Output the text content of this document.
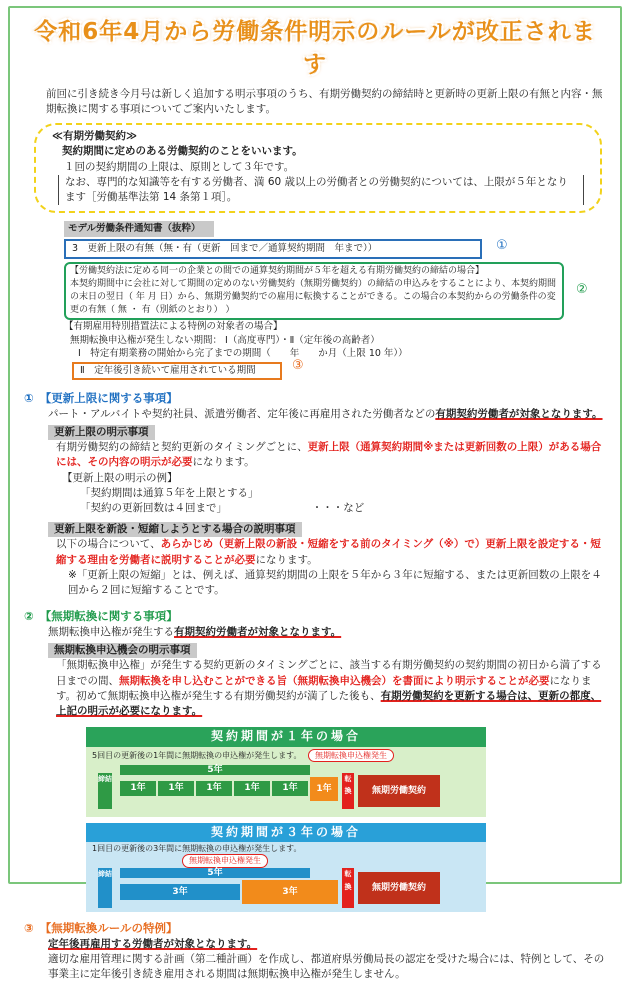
令和6年4月から労働条件明示のルールが改正されます
前回に引き続き今月号は新しく追加する明示事項のうち、有期労働契約の締結時と更新時の更新上限の有無と内容・無期転換に関する事項についてご案内いたします。
≪有期労働契約≫
契約期間に定めのある労働契約のことをいいます。
１回の契約期間の上限は、原則として３年です。
なお、専門的な知識等を有する労働者、満 60 歳以上の労働者との労働契約については、上限が５年となります［労働基準法第 14 条第１項］。
モデル労働条件通知書（抜粋）
3　更新上限の有無（無・有（更新　回まで／通算契約期間　年まで））	①
【労働契約法に定める同一の企業との間での通算契約期間が５年を超える有期労働契約の締結の場合】
本契約期間中に会社に対して期間の定めのない労働契約（無期労働契約）の締結の申込みをすることにより、本契約期間の末日の翌日（ 年 月 日）から、無期労働契約での雇用に転換することができる。この場合の本契約からの労働条件の変更の有無（ 無 ・ 有（別紙のとおり） ）
②
【有期雇用特別措置法による特例の対象者の場合】
無期転換申込権が発生しない期間： Ⅰ（高度専門）・Ⅱ（定年後の高齢者）
Ⅰ　特定有期業務の開始から完了までの期間（　　年　　か月（上限 10 年））
Ⅱ　定年後引き続いて雇用されている期間	③
① 【更新上限に関する事項】
パート・アルバイトや契約社員、派遣労働者、定年後に再雇用された労働者などの有期契約労働者が対象となります。
更新上限の明示事項
有期労働契約の締結と契約更新のタイミングごとに、更新上限（通算契約期間※または更新回数の上限）がある場合には、その内容の明示が必要になります。
【更新上限の明示の例】
「契約期間は通算５年を上限とする」
「契約の更新回数は４回まで」	・・・など
更新上限を新設・短縮しようとする場合の説明事項
以下の場合について、あらかじめ（更新上限の新設・短縮をする前のタイミング（※）で）更新上限を設定する・短縮する理由を労働者に説明することが必要になります。
※「更新上限の短縮」とは、例えば、通算契約期間の上限を５年から３年に短縮する、または更新回数の上限を４回から２回に短縮することです。
② 【無期転換に関する事項】
無期転換申込権が発生する有期契約労働者が対象となります。
無期転換申込機会の明示事項
「無期転換申込権」が発生する契約更新のタイミングごとに、該当する有期労働契約の契約期間の初日から満了する日までの間、無期転換を申し込むことができる旨（無期転換申込機会）を書面により明示することが必要になります。初めて無期転換申込権が発生する有期労働契約が満了した後も、有期労働契約を更新する場合は、更新の都度、上記の明示が必要になります。
契約期間が１年の場合
5回目の更新後の1年間に無期転換の申込権が発生します。	無期転換申込権発生
5年
締結
1年	1年	1年	1年	1年	1年
転換	無期労働契約
契約期間が３年の場合
1回目の更新後の3年間に無期転換の申込権が発生します。
無期転換申込権発生
5年
締結
3年	3年
転換	無期労働契約
③ 【無期転換ルールの特例】
定年後再雇用する労働者が対象となります。
適切な雇用管理に関する計画（第二種計画）を作成し、都道府県労働局長の認定を受けた場合には、特例として、その事業主に定年後引き続き雇用される期間は無期転換申込権が発生しません。
